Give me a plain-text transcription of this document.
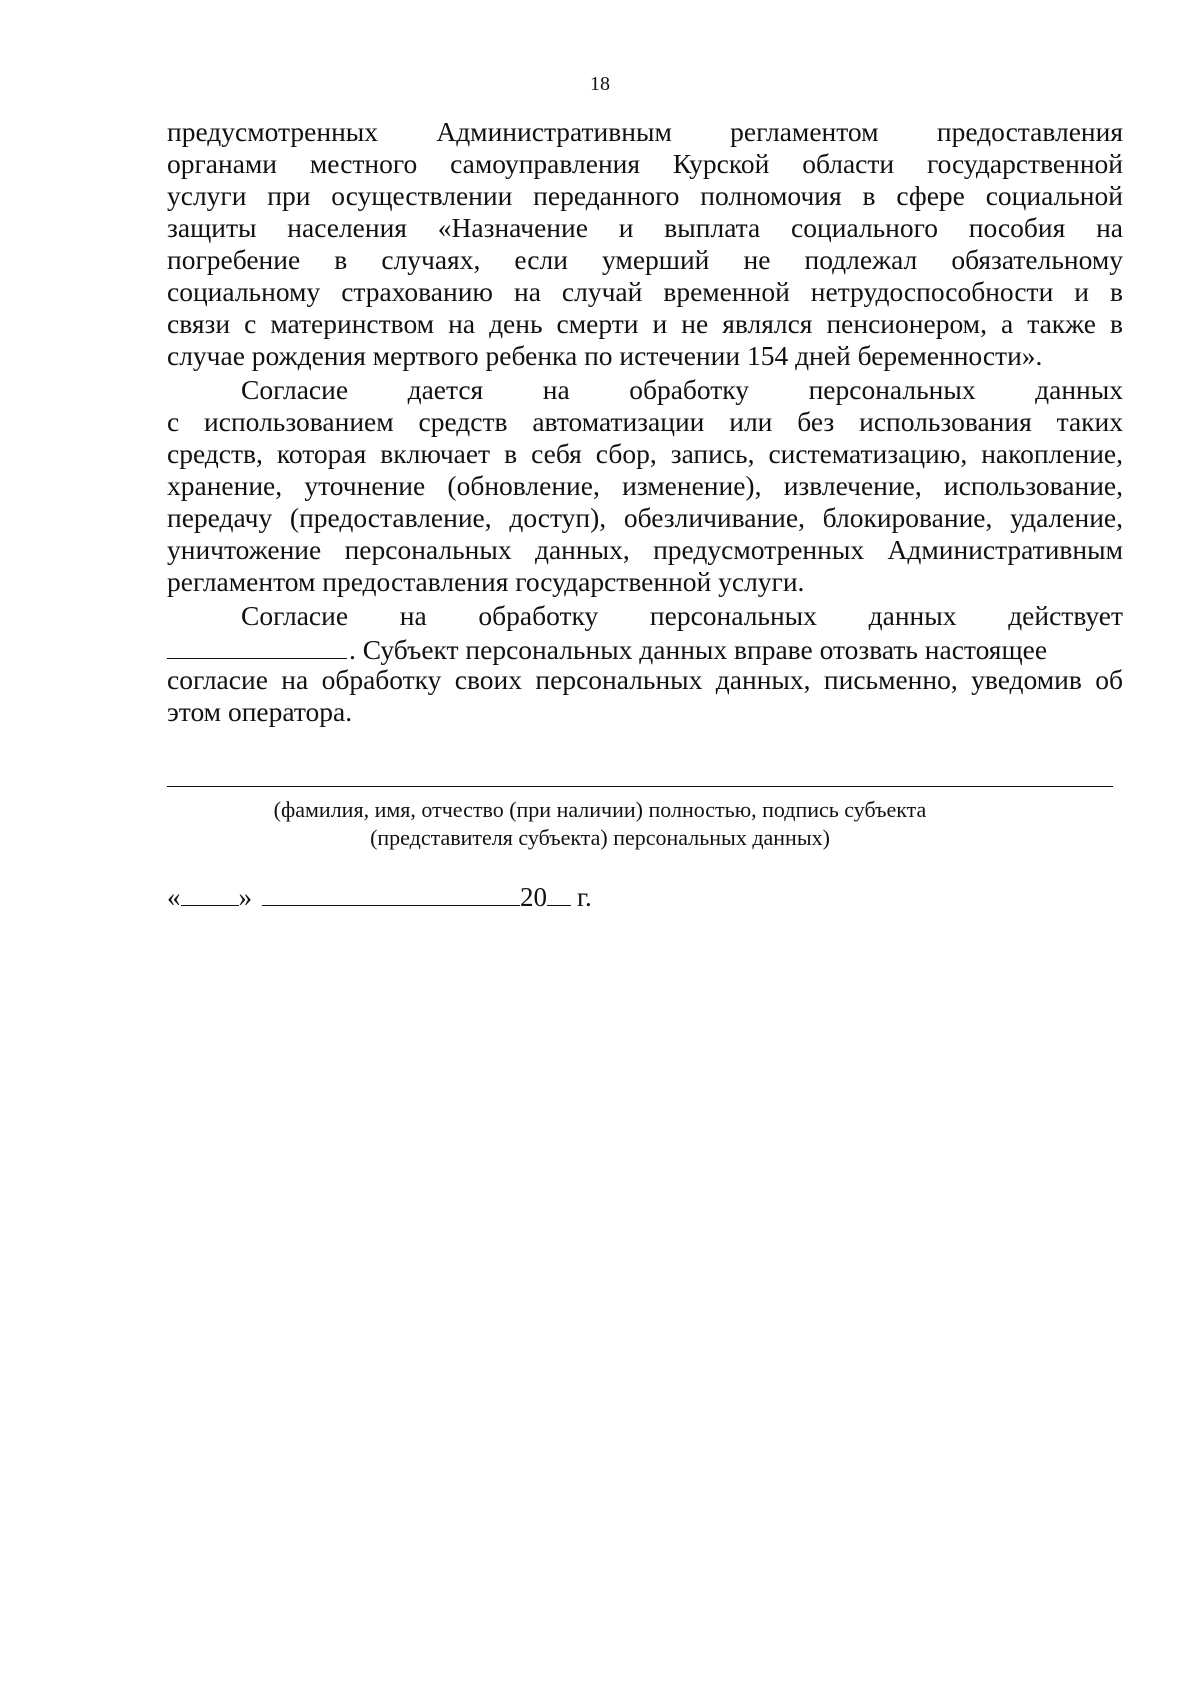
18
предусмотренных Административным регламентом предоставления
органами местного самоуправления Курской области государственной
услуги при осуществлении переданного полномочия в сфере социальной
защиты населения «Назначение и выплата социального пособия на
погребение в случаях, если умерший не подлежал обязательному
социальному страхованию на случай временной нетрудоспособности и в
связи с материнством на день смерти и не являлся пенсионером, а также в
случае рождения мертвого ребенка по истечении 154 дней беременности».
Согласие дается на обработку персональных данных
с использованием средств автоматизации или без использования таких
средств, которая включает в себя сбор, запись, систематизацию, накопление,
хранение, уточнение (обновление, изменение), извлечение, использование,
передачу (предоставление, доступ), обезличивание, блокирование, удаление,
уничтожение персональных данных, предусмотренных Административным
регламентом предоставления государственной услуги.
Согласие на обработку персональных данных действует
. Субъект персональных данных вправе отозвать настоящее
согласие на обработку своих персональных данных, письменно, уведомив об
этом оператора.
(фамилия, имя, отчество (при наличии) полностью, подпись субъекта
(представителя субъекта) персональных данных)
« »	20 г.
